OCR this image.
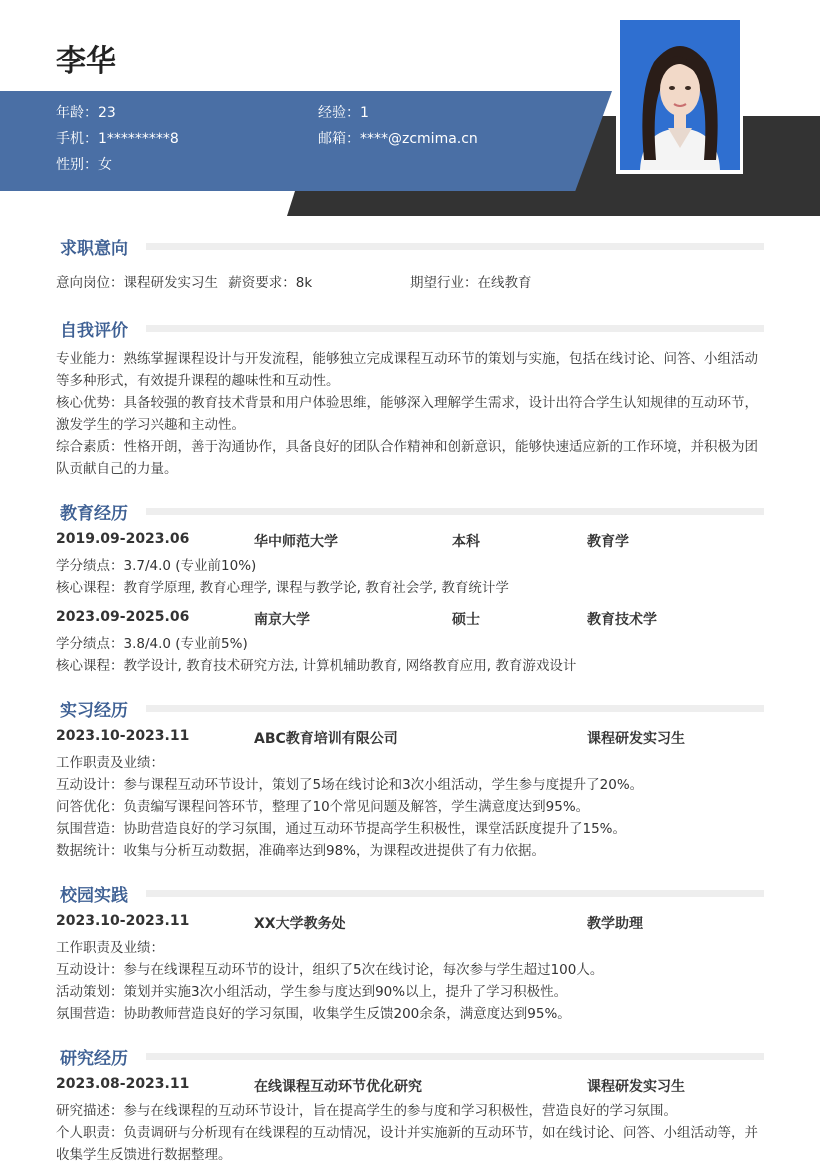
李华
年龄：23	经验：1
手机：1*********8	邮箱：****@zcmima.cn
性别：女
求职意向
意向岗位：课程研发实习生 薪资要求：8k	期望行业：在线教育
自我评价
专业能力：熟练掌握课程设计与开发流程，能够独立完成课程互动环节的策划与实施，包括在线讨论、问答、小组活动等多种形式，有效提升课程的趣味性和互动性。
核心优势：具备较强的教育技术背景和用户体验思维，能够深入理解学生需求，设计出符合学生认知规律的互动环节，激发学生的学习兴趣和主动性。
综合素质：性格开朗，善于沟通协作，具备良好的团队合作精神和创新意识，能够快速适应新的工作环境，并积极为团队贡献自己的力量。
教育经历
2019.09-2023.06	华中师范大学	本科	教育学
学分绩点：3.7/4.0 (专业前10%)
核心课程：教育学原理, 教育心理学, 课程与教学论, 教育社会学, 教育统计学
2023.09-2025.06	南京大学	硕士	教育技术学
学分绩点：3.8/4.0 (专业前5%)
核心课程：教学设计, 教育技术研究方法, 计算机辅助教育, 网络教育应用, 教育游戏设计
实习经历
2023.10-2023.11	ABC教育培训有限公司	课程研发实习生
工作职责及业绩：
互动设计：参与课程互动环节设计，策划了5场在线讨论和3次小组活动，学生参与度提升了20%。
问答优化：负责编写课程问答环节，整理了10个常见问题及解答，学生满意度达到95%。
氛围营造：协助营造良好的学习氛围，通过互动环节提高学生积极性，课堂活跃度提升了15%。
数据统计：收集与分析互动数据，准确率达到98%，为课程改进提供了有力依据。
校园实践
2023.10-2023.11	XX大学教务处	教学助理
工作职责及业绩：
互动设计：参与在线课程互动环节的设计，组织了5次在线讨论，每次参与学生超过100人。
活动策划：策划并实施3次小组活动，学生参与度达到90%以上，提升了学习积极性。
氛围营造：协助教师营造良好的学习氛围，收集学生反馈200余条，满意度达到95%。
研究经历
2023.08-2023.11	在线课程互动环节优化研究	课程研发实习生
研究描述：参与在线课程的互动环节设计，旨在提高学生的参与度和学习积极性，营造良好的学习氛围。
个人职责：负责调研与分析现有在线课程的互动情况，设计并实施新的互动环节，如在线讨论、问答、小组活动等，并收集学生反馈进行数据整理。
